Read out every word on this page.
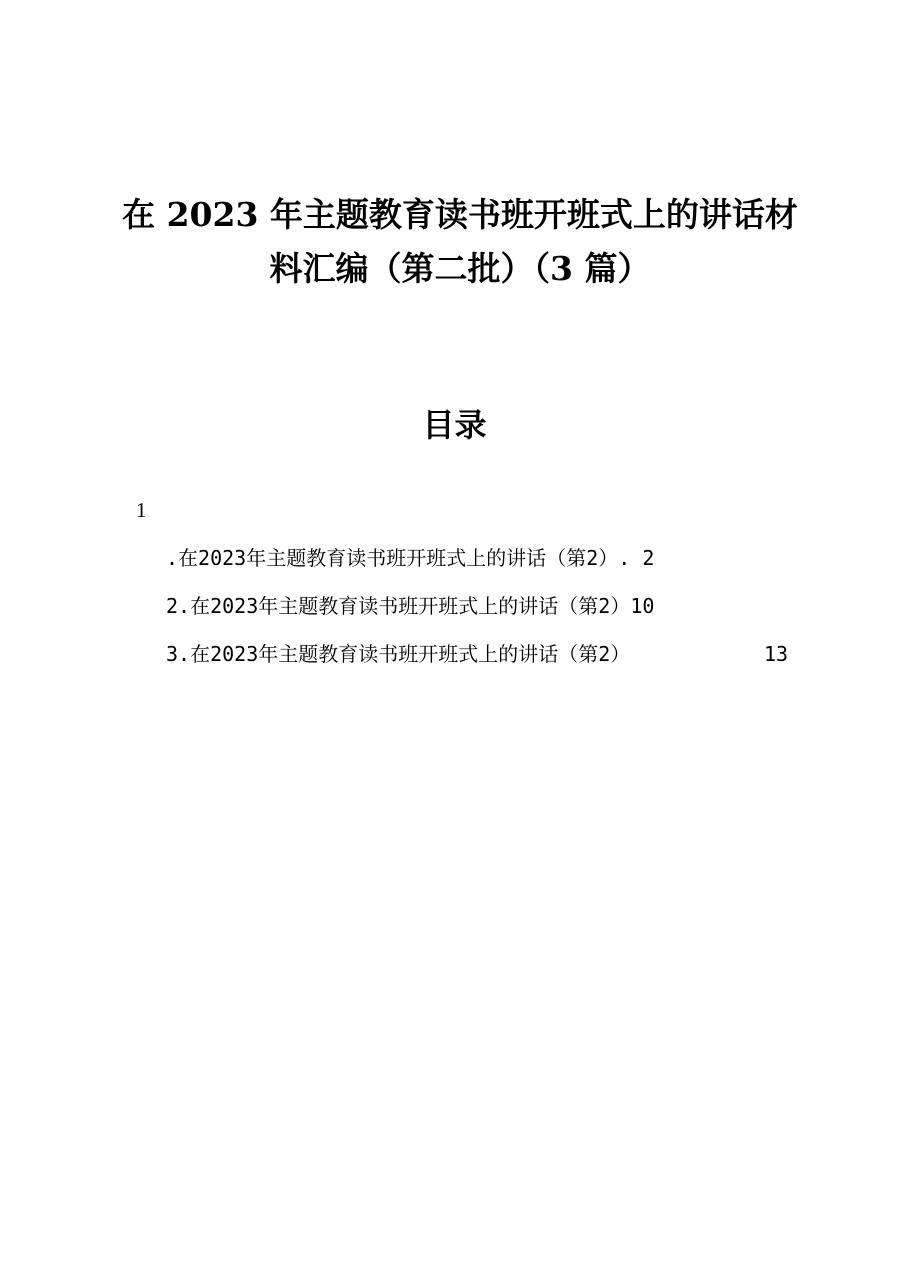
在 2023 年主题教育读书班开班式上的讲话材
料汇编（第二批）（3 篇）
目录
1
.在2023年主题教育读书班开班式上的讲话（第2）. 2
2.在2023年主题教育读书班开班式上的讲话（第2）10
3.在2023年主题教育读书班开班式上的讲话（第2）	13
